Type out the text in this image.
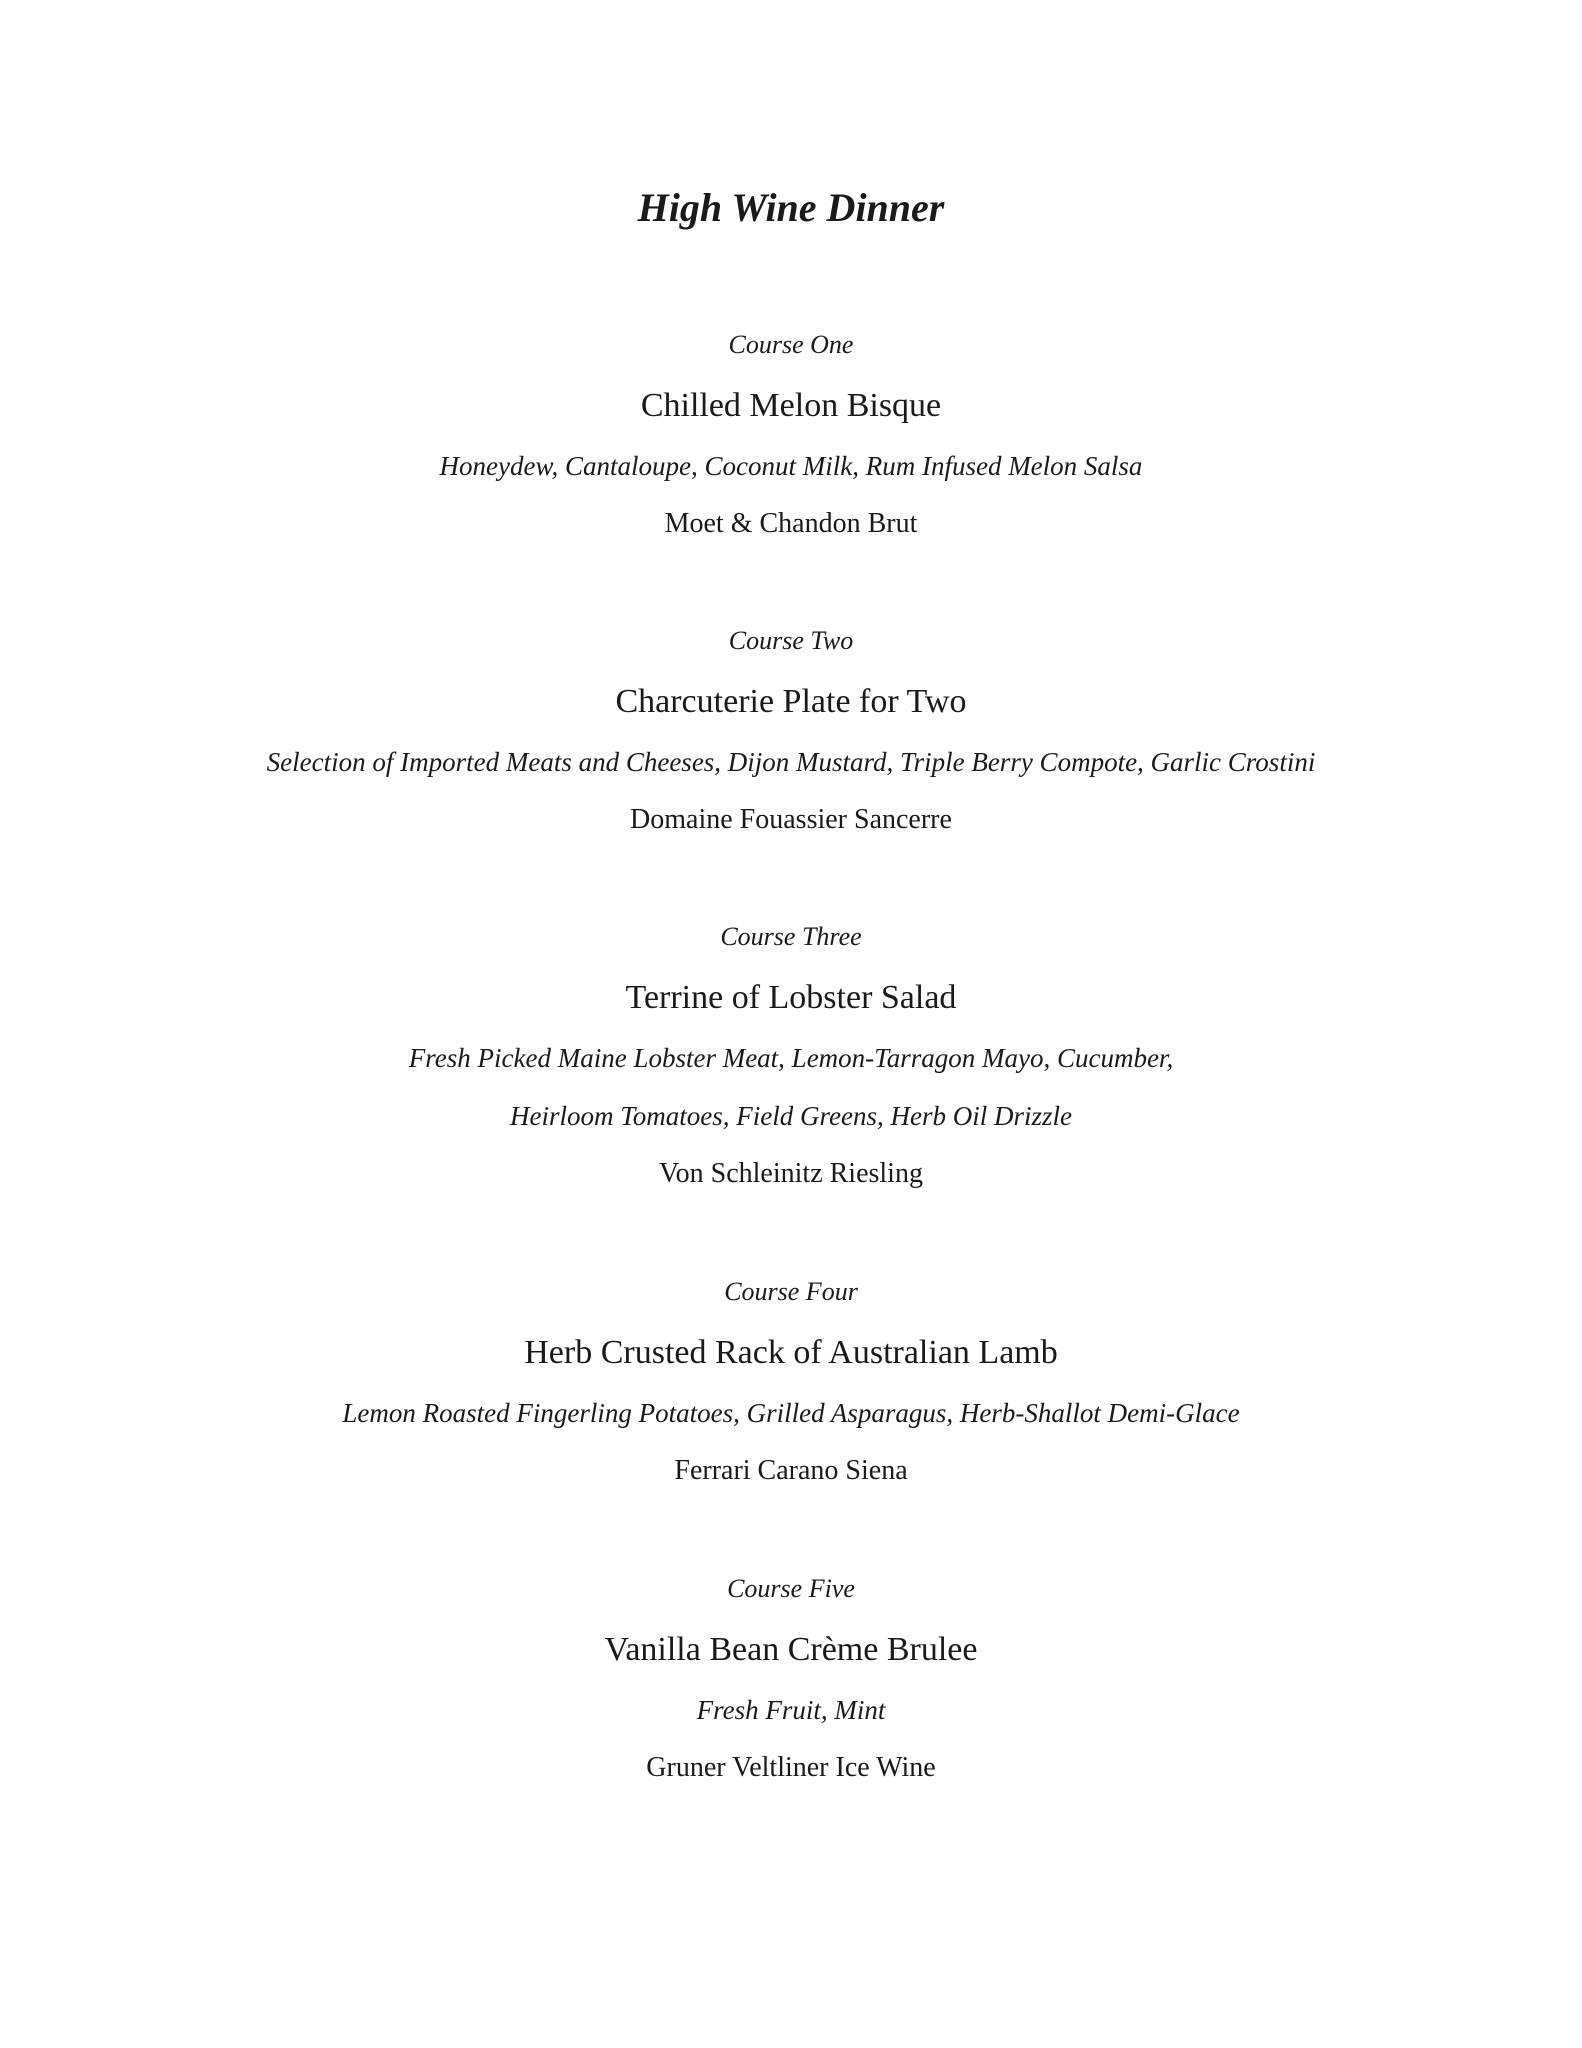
High Wine Dinner

Course One

Chilled Melon Bisque

Honeydew, Cantaloupe, Coconut Milk, Rum Infused Melon Salsa

Moet & Chandon Brut

Course Two

Charcuterie Plate for Two

Selection of Imported Meats and Cheeses, Dijon Mustard, Triple Berry Compote, Garlic Crostini

Domaine Fouassier Sancerre

Course Three

Terrine of Lobster Salad

Fresh Picked Maine Lobster Meat, Lemon-Tarragon Mayo, Cucumber,

Heirloom Tomatoes, Field Greens, Herb Oil Drizzle

Von Schleinitz Riesling

Course Four

Herb Crusted Rack of Australian Lamb

Lemon Roasted Fingerling Potatoes, Grilled Asparagus, Herb-Shallot Demi-Glace

Ferrari Carano Siena

Course Five

Vanilla Bean Crème Brulee

Fresh Fruit, Mint

Gruner Veltliner Ice Wine
